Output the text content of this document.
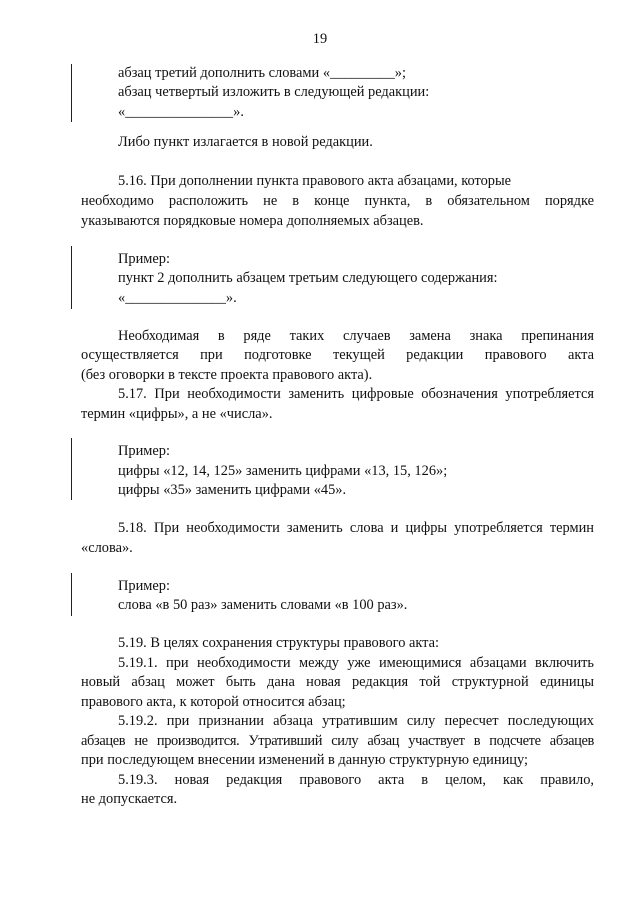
19
абзац третий дополнить словами «_________»;
абзац четвертый изложить в следующей редакции:
«_______________».
Либо пункт излагается в новой редакции.
5.16. При дополнении пункта правового акта абзацами, которые
необходимо расположить не в конце пункта, в обязательном порядке
указываются порядковые номера дополняемых абзацев.
Пример:
пункт 2 дополнить абзацем третьим следующего содержания:
«______________».
Необходимая в ряде таких случаев замена знака препинания
осуществляется при подготовке текущей редакции правового акта
(без оговорки в тексте проекта правового акта).
5.17. При необходимости заменить цифровые обозначения употребляется
термин «цифры», а не «числа».
Пример:
цифры «12, 14, 125» заменить цифрами «13, 15, 126»;
цифры «35» заменить цифрами «45».
5.18. При необходимости заменить слова и цифры употребляется термин
«слова».
Пример:
слова «в 50 раз» заменить словами «в 100 раз».
5.19. В целях сохранения структуры правового акта:
5.19.1. при необходимости между уже имеющимися абзацами включить
новый абзац может быть дана новая редакция той структурной единицы
правового акта, к которой относится абзац;
5.19.2. при признании абзаца утратившим силу пересчет последующих
абзацев не производится. Утративший силу абзац участвует в подсчете абзацев
при последующем внесении изменений в данную структурную единицу;
5.19.3. новая редакция правового акта в целом, как правило,
не допускается.
